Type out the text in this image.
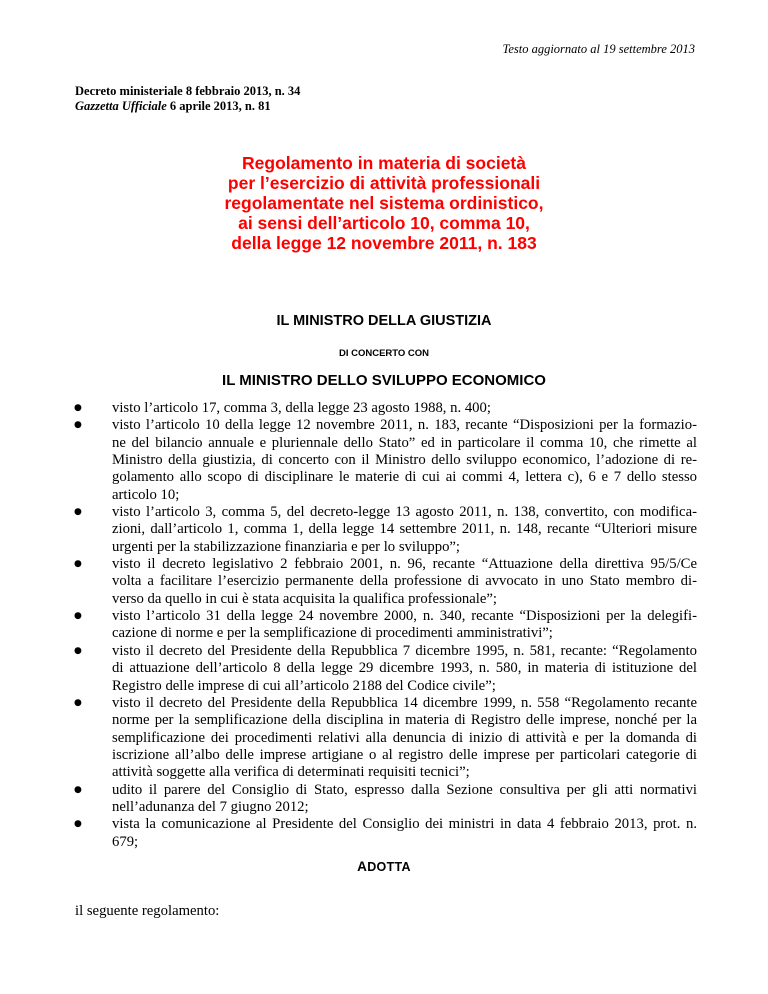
Testo aggiornato al 19 settembre 2013
Decreto ministeriale 8 febbraio 2013, n. 34
Gazzetta Ufficiale 6 aprile 2013, n. 81
Regolamento in materia di società
per l’esercizio di attività professionali
regolamentate nel sistema ordinistico,
ai sensi dell’articolo 10, comma 10,
della legge 12 novembre 2011, n. 183
IL MINISTRO DELLA GIUSTIZIA
DI CONCERTO CON
IL MINISTRO DELLO SVILUPPO ECONOMICO
● visto l’articolo 17, comma 3, della legge 23 agosto 1988, n. 400;
● visto l’articolo 10 della legge 12 novembre 2011, n. 183, recante “Disposizioni per la formazio-
ne del bilancio annuale e pluriennale dello Stato” ed in particolare il comma 10, che rimette al
Ministro della giustizia, di concerto con il Ministro dello sviluppo economico, l’adozione di re-
golamento allo scopo di disciplinare le materie di cui ai commi 4, lettera c), 6 e 7 dello stesso
articolo 10;
● visto l’articolo 3, comma 5, del decreto-legge 13 agosto 2011, n. 138, convertito, con modifica-
zioni, dall’articolo 1, comma 1, della legge 14 settembre 2011, n. 148, recante “Ulteriori misure
urgenti per la stabilizzazione finanziaria e per lo sviluppo”;
● visto il decreto legislativo 2 febbraio 2001, n. 96, recante “Attuazione della direttiva 95/5/Ce
volta a facilitare l’esercizio permanente della professione di avvocato in uno Stato membro di-
verso da quello in cui è stata acquisita la qualifica professionale”;
● visto l’articolo 31 della legge 24 novembre 2000, n. 340, recante “Disposizioni per la delegifi-
cazione di norme e per la semplificazione di procedimenti amministrativi”;
● visto il decreto del Presidente della Repubblica 7 dicembre 1995, n. 581, recante: “Regolamento
di attuazione dell’articolo 8 della legge 29 dicembre 1993, n. 580, in materia di istituzione del
Registro delle imprese di cui all’articolo 2188 del Codice civile”;
● visto il decreto del Presidente della Repubblica 14 dicembre 1999, n. 558 “Regolamento recante
norme per la semplificazione della disciplina in materia di Registro delle imprese, nonché per la
semplificazione dei procedimenti relativi alla denuncia di inizio di attività e per la domanda di
iscrizione all’albo delle imprese artigiane o al registro delle imprese per particolari categorie di
attività soggette alla verifica di determinati requisiti tecnici”;
● udito il parere del Consiglio di Stato, espresso dalla Sezione consultiva per gli atti normativi
nell’adunanza del 7 giugno 2012;
● vista la comunicazione al Presidente del Consiglio dei ministri in data 4 febbraio 2013, prot. n.
679;
ADOTTA
il seguente regolamento:
